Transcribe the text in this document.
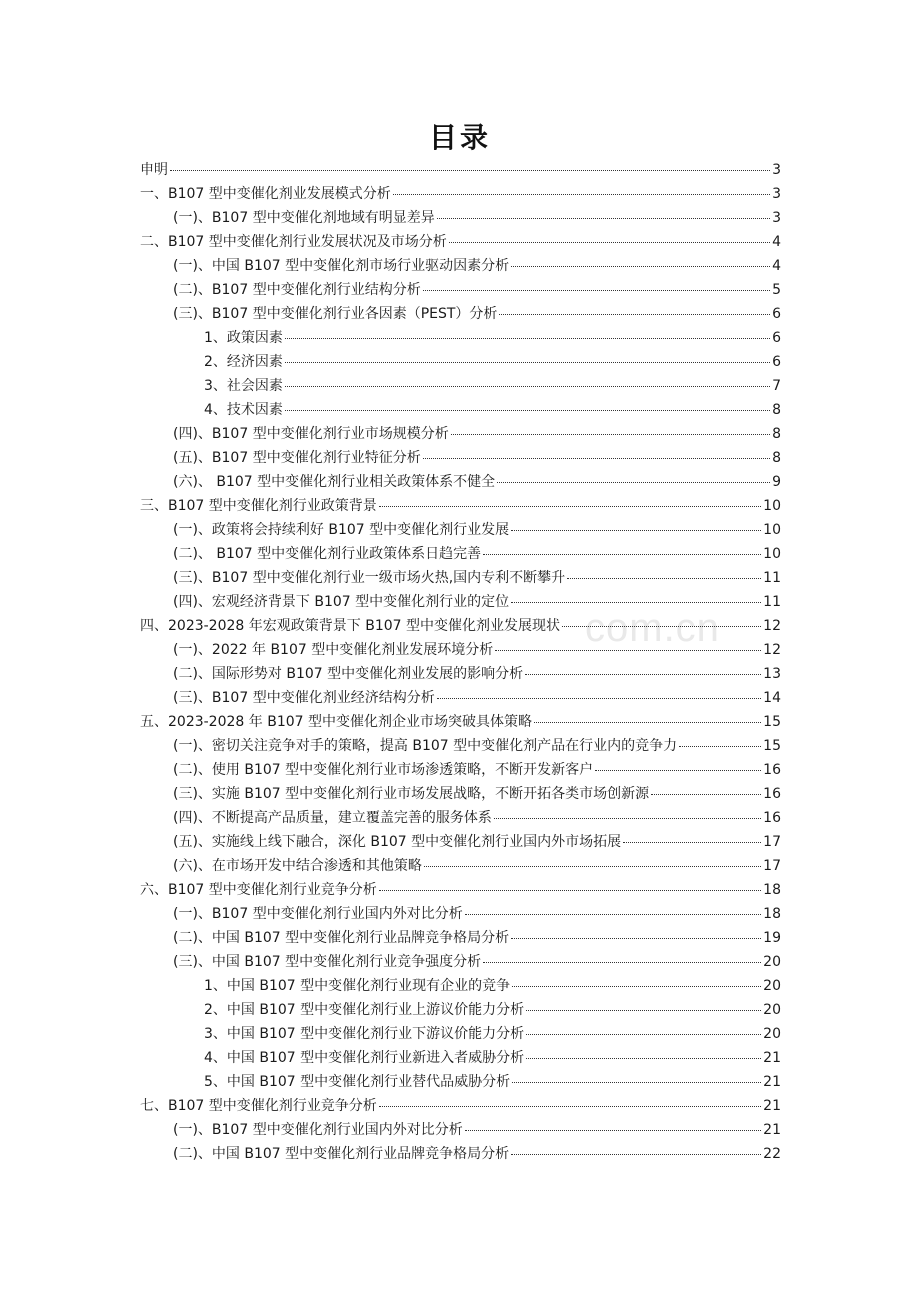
com.cn
目录
申明	3
一、B107 型中变催化剂业发展模式分析	3
(一)、B107 型中变催化剂地域有明显差异	3
二、B107 型中变催化剂行业发展状况及市场分析	4
(一)、中国 B107 型中变催化剂市场行业驱动因素分析	4
(二)、B107 型中变催化剂行业结构分析	5
(三)、B107 型中变催化剂行业各因素（PEST）分析	6
1、政策因素	6
2、经济因素	6
3、社会因素	7
4、技术因素	8
(四)、B107 型中变催化剂行业市场规模分析	8
(五)、B107 型中变催化剂行业特征分析	8
(六)、 B107 型中变催化剂行业相关政策体系不健全	9
三、B107 型中变催化剂行业政策背景	10
(一)、政策将会持续利好 B107 型中变催化剂行业发展	10
(二)、 B107 型中变催化剂行业政策体系日趋完善	10
(三)、B107 型中变催化剂行业一级市场火热,国内专利不断攀升	11
(四)、宏观经济背景下 B107 型中变催化剂行业的定位	11
四、2023-2028 年宏观政策背景下 B107 型中变催化剂业发展现状	12
(一)、2022 年 B107 型中变催化剂业发展环境分析	12
(二)、国际形势对 B107 型中变催化剂业发展的影响分析	13
(三)、B107 型中变催化剂业经济结构分析	14
五、2023-2028 年 B107 型中变催化剂企业市场突破具体策略	15
(一)、密切关注竞争对手的策略，提高 B107 型中变催化剂产品在行业内的竞争力	15
(二)、使用 B107 型中变催化剂行业市场渗透策略，不断开发新客户	16
(三)、实施 B107 型中变催化剂行业市场发展战略，不断开拓各类市场创新源	16
(四)、不断提高产品质量，建立覆盖完善的服务体系	16
(五)、实施线上线下融合，深化 B107 型中变催化剂行业国内外市场拓展	17
(六)、在市场开发中结合渗透和其他策略	17
六、B107 型中变催化剂行业竞争分析	18
(一)、B107 型中变催化剂行业国内外对比分析	18
(二)、中国 B107 型中变催化剂行业品牌竞争格局分析	19
(三)、中国 B107 型中变催化剂行业竞争强度分析	20
1、中国 B107 型中变催化剂行业现有企业的竞争	20
2、中国 B107 型中变催化剂行业上游议价能力分析	20
3、中国 B107 型中变催化剂行业下游议价能力分析	20
4、中国 B107 型中变催化剂行业新进入者威胁分析	21
5、中国 B107 型中变催化剂行业替代品威胁分析	21
七、B107 型中变催化剂行业竞争分析	21
(一)、B107 型中变催化剂行业国内外对比分析	21
(二)、中国 B107 型中变催化剂行业品牌竞争格局分析	22
